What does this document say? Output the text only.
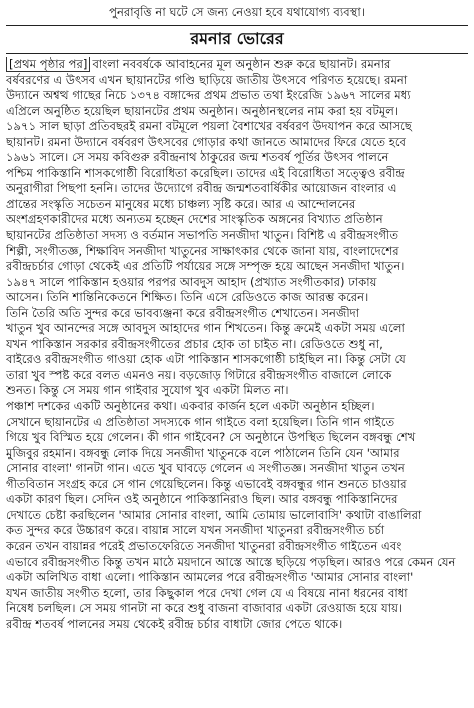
পুনরাবৃত্তি না ঘটে সে জন্য নেওয়া হবে যথাযোগ্য ব্যবস্থা।
রমনার ভোরের
[প্রথম পৃষ্ঠার পর] বাংলা নববর্ষকে আবাহনের মূল অনুষ্ঠান শুরু করে ছায়ানট। রমনার
বর্ষবরণের এ উৎসব এখন ছায়ানটের গণ্ডি ছাড়িয়ে জাতীয় উৎসবে পরিণত হয়েছে। রমনা
উদ্যানে অশ্বত্থ গাছের নিচে ১৩৭৪ বঙ্গাব্দের প্রথম প্রভাত তথা ইংরেজি ১৯৬৭ সালের মধ্য
এপ্রিলে অনুষ্ঠিত হয়েছিল ছায়ানটের প্রথম অনুষ্ঠান। অনুষ্ঠানস্থলের নাম করা হয় বটমূল।
১৯৭১ সাল ছাড়া প্রতিবছরই রমনা বটমূলে পয়লা বৈশাখের বর্ষবরণ উদযাপন করে আসছে
ছায়ানট। রমনা উদ্যানে বর্ষবরণ উৎসবের গোড়ার কথা জানতে আমাদের ফিরে যেতে হবে
১৯৬১ সালে। সে সময় কবিগুরু রবীন্দ্রনাথ ঠাকুরের জন্ম শতবর্ষ পূর্তির উৎসব পালনে
পশ্চিম পাকিস্তানি শাসকগোষ্ঠী বিরোধিতা করেছিল। তাদের এই বিরোধিতা সত্ত্বেও রবীন্দ্র
অনুরাগীরা পিছপা হননি। তাদের উদ্যোগে রবীন্দ্র জন্মশতবার্ষিকীর আয়োজন বাংলার এ
প্রান্তের সংস্কৃতি সচেতন মানুষের মধ্যে চাঞ্চল্য সৃষ্টি করে। আর এ আন্দোলনের
অংশগ্রহণকারীদের মধ্যে অন্যতম হচ্ছেন দেশের সাংস্কৃতিক অঙ্গনের বিখ্যাত প্রতিষ্ঠান
ছায়ানটের প্রতিষ্ঠাতা সদস্য ও বর্তমান সভাপতি সনজীদা খাতুন। বিশিষ্ট এ রবীন্দ্রসংগীত
শিল্পী, সংগীতজ্ঞ, শিক্ষাবিদ সনজীদা খাতুনের সাক্ষাৎকার থেকে জানা যায়, বাংলাদেশের
রবীন্দ্রচর্চার গোড়া থেকেই এর প্রতিটি পর্যায়ের সঙ্গে সম্পৃক্ত হয়ে আছেন সনজীদা খাতুন।
১৯৪৭ সালে পাকিস্তান হওয়ার পরপর আবদুস আহাদ (প্রখ্যাত সংগীতকার) ঢাকায়
আসেন। তিনি শান্তিনিকেতনে শিক্ষিত। তিনি এসে রেডিওতে কাজ আরম্ভ করেন।
তিনি তৈরি অতি সুন্দর করে ভাবব্যঞ্জনা করে রবীন্দ্রসংগীত শেখাতেন। সনজীদা
খাতুন খুব আনন্দের সঙ্গে আবদুস আহাদের গান শিখতেন। কিন্তু ক্রমেই একটা সময় এলো
যখন পাকিস্তান সরকার রবীন্দ্রসংগীতের প্রচার হোক তা চাইত না। রেডিওতে শুধু না,
বাইরেও রবীন্দ্রসংগীত গাওয়া হোক এটা পাকিস্তান শাসকগোষ্ঠী চাইছিল না। কিন্তু সেটা যে
তারা খুব স্পষ্ট করে বলত এমনও নয়। বড়জোড় গিটারে রবীন্দ্রসংগীত বাজালে লোকে
শুনত। কিন্তু সে সময় গান গাইবার সুযোগ খুব একটা মিলত না।
পঞ্চাশ দশকের একটি অনুষ্ঠানের কথা। একবার কার্জন হলে একটা অনুষ্ঠান হচ্ছিল।
সেখানে ছায়ানটের এ প্রতিষ্ঠাতা সদস্যকে গান গাইতে বলা হয়েছিল। তিনি গান গাইতে
গিয়ে খুব বিস্মিত হয়ে গেলেন। কী গান গাইবেন? সে অনুষ্ঠানে উপস্থিত ছিলেন বঙ্গবন্ধু শেখ
মুজিবুর রহমান। বঙ্গবন্ধু লোক দিয়ে সনজীদা খাতুনকে বলে পাঠালেন তিনি যেন 'আমার
সোনার বাংলা' গানটা গান। এতে খুব ঘাবড়ে গেলেন এ সংগীতজ্ঞ। সনজীদা খাতুন তখন
গীতবিতান সংগ্রহ করে সে গান গেয়েছিলেন। কিন্তু এভাবেই বঙ্গবন্ধুর গান শুনতে চাওয়ার
একটা কারণ ছিল। সেদিন ওই অনুষ্ঠানে পাকিস্তানিরাও ছিল। আর বঙ্গবন্ধু পাকিস্তানিদের
দেখাতে চেষ্টা করছিলেন 'আমার সোনার বাংলা, আমি তোমায় ভালোবাসি' কথাটা বাঙালিরা
কত সুন্দর করে উচ্চারণ করে। বায়ান্ন সালে যখন সনজীদা খাতুনরা রবীন্দ্রসংগীত চর্চা
করেন তখন বায়ান্নর পরেই প্রভাতফেরিতে সনজীদা খাতুনরা রবীন্দ্রসংগীত গাইতেন এবং
এভাবে রবীন্দ্রসংগীত কিন্তু তখন মাঠে ময়দানে আস্তে আস্তে ছড়িয়ে পড়ছিল। আরও পরে কেমন যেন
একটা অলিখিত বাধা এলো। পাকিস্তান আমলের পরে রবীন্দ্রসংগীত 'আমার সোনার বাংলা'
যখন জাতীয় সংগীত হলো, তার কিছুকাল পরে দেখা গেল যে এ বিষয়ে নানা ধরনের বাধা
নিষেধ চলছিল। সে সময় গানটা না করে শুধু বাজনা বাজাবার একটা রেওয়াজ হয়ে যায়।
রবীন্দ্র শতবর্ষ পালনের সময় থেকেই রবীন্দ্র চর্চার বাধাটা জোর পেতে থাকে।
